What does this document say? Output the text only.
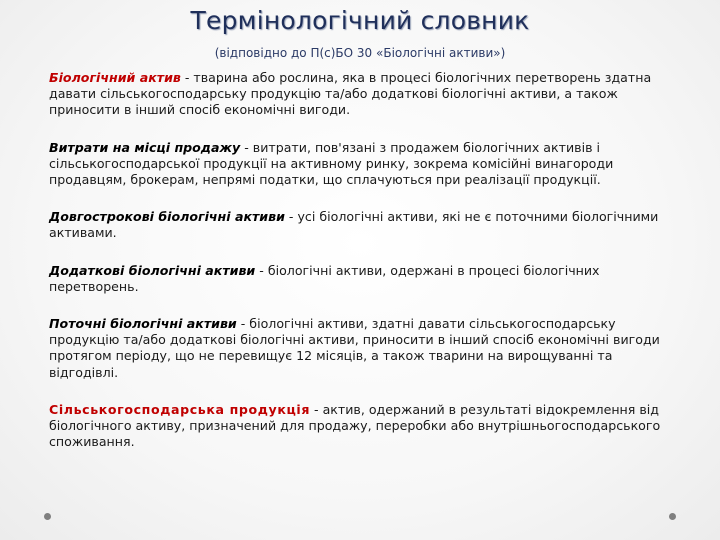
Термінологічний словник
(відповідно до П(с)БО 30 «Біологічні активи»)

Біологічний актив - тварина або рослина, яка в процесі біологічних перетворень здатна давати сільськогосподарську продукцію та/або додаткові біологічні активи, а також приносити в інший спосіб економічні вигоди.

Витрати на місці продажу - витрати, пов'язані з продажем біологічних активів і сільськогосподарської продукції на активному ринку, зокрема комісійні винагороди продавцям, брокерам, непрямі податки, що сплачуються при реалізації продукції.

Довгострокові біологічні активи - усі біологічні активи, які не є поточними біологічними активами.

Додаткові біологічні активи - біологічні активи, одержані в процесі біологічних перетворень.

Поточні біологічні активи - біологічні активи, здатні давати сільськогосподарську продукцію та/або додаткові біологічні активи, приносити в інший спосіб економічні вигоди протягом періоду, що не перевищує 12 місяців, а також тварини на вирощуванні та відгодівлі.

Сільськогосподарська продукція - актив, одержаний в результаті відокремлення від біологічного активу, призначений для продажу, переробки або внутрішньогосподарського споживання.
